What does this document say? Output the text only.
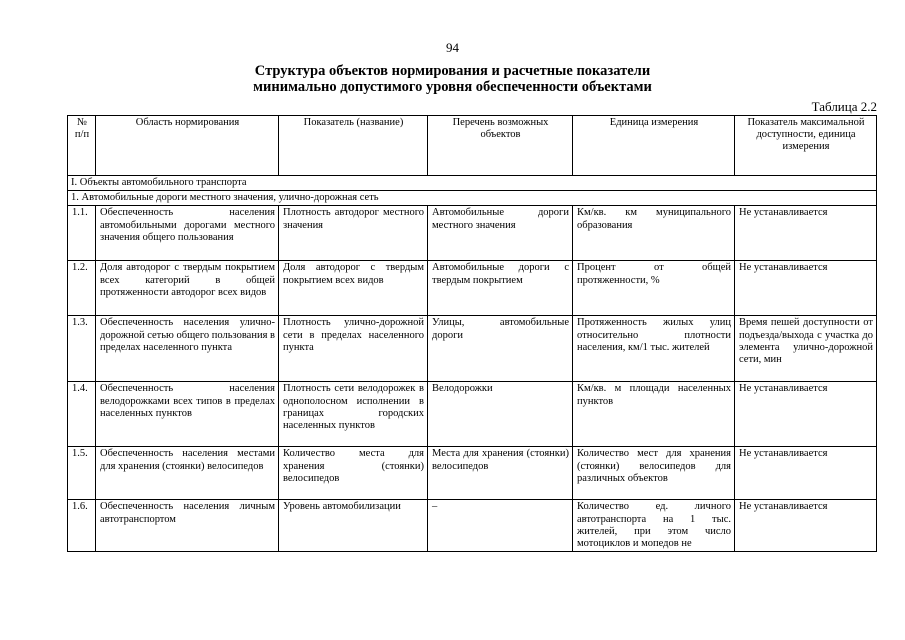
94
Структура объектов нормирования и расчетные показатели
минимально допустимого уровня обеспеченности объектами
Таблица 2.2
№ п/п	Область нормирования	Показатель (название)	Перечень возможных объектов	Единица измерения	Показатель максимальной доступности, единица измерения
I. Объекты автомобильного транспорта					
1. Автомобильные дороги местного значения, улично-дорожная сеть					
1.1.	Обеспеченность населения автомобильными дорогами местного значения общего пользования	Плотность автодорог местного значения	Автомобильные дороги местного значения	Км/кв. км муниципального образования	Не устанавливается
1.2.	Доля автодорог с твердым покрытием всех категорий в общей протяженности автодорог всех видов	Доля автодорог с твердым покрытием всех видов	Автомобильные дороги с твердым покрытием	Процент от общей протяженности, %	Не устанавливается
1.3.	Обеспеченность населения улично-дорожной сетью общего пользования в пределах населенного пункта	Плотность улично-дорожной сети в пределах населенного пункта	Улицы, автомобильные дороги	Протяженность жилых улиц относительно плотности населения, км/1 тыс. жителей	Время пешей доступности от подъезда/выхода с участка до элемента улично-дорожной сети, мин
1.4.	Обеспеченность населения велодорожками всех типов в пределах населенных пунктов	Плотность сети велодорожек в однополосном исполнении в границах городских населенных пунктов	Велодорожки	Км/кв. м площади населенных пунктов	Не устанавливается
1.5.	Обеспеченность населения местами для хранения (стоянки) велосипедов	Количество места для хранения (стоянки) велосипедов	Места для хранения (стоянки) велосипедов	Количество мест для хранения (стоянки) велосипедов для различных объектов	Не устанавливается
1.6.	Обеспеченность населения личным автотранспортом	Уровень автомобилизации	–	Количество ед. личного автотранспорта на 1 тыс. жителей, при этом число мотоциклов и мопедов не	Не устанавливается
